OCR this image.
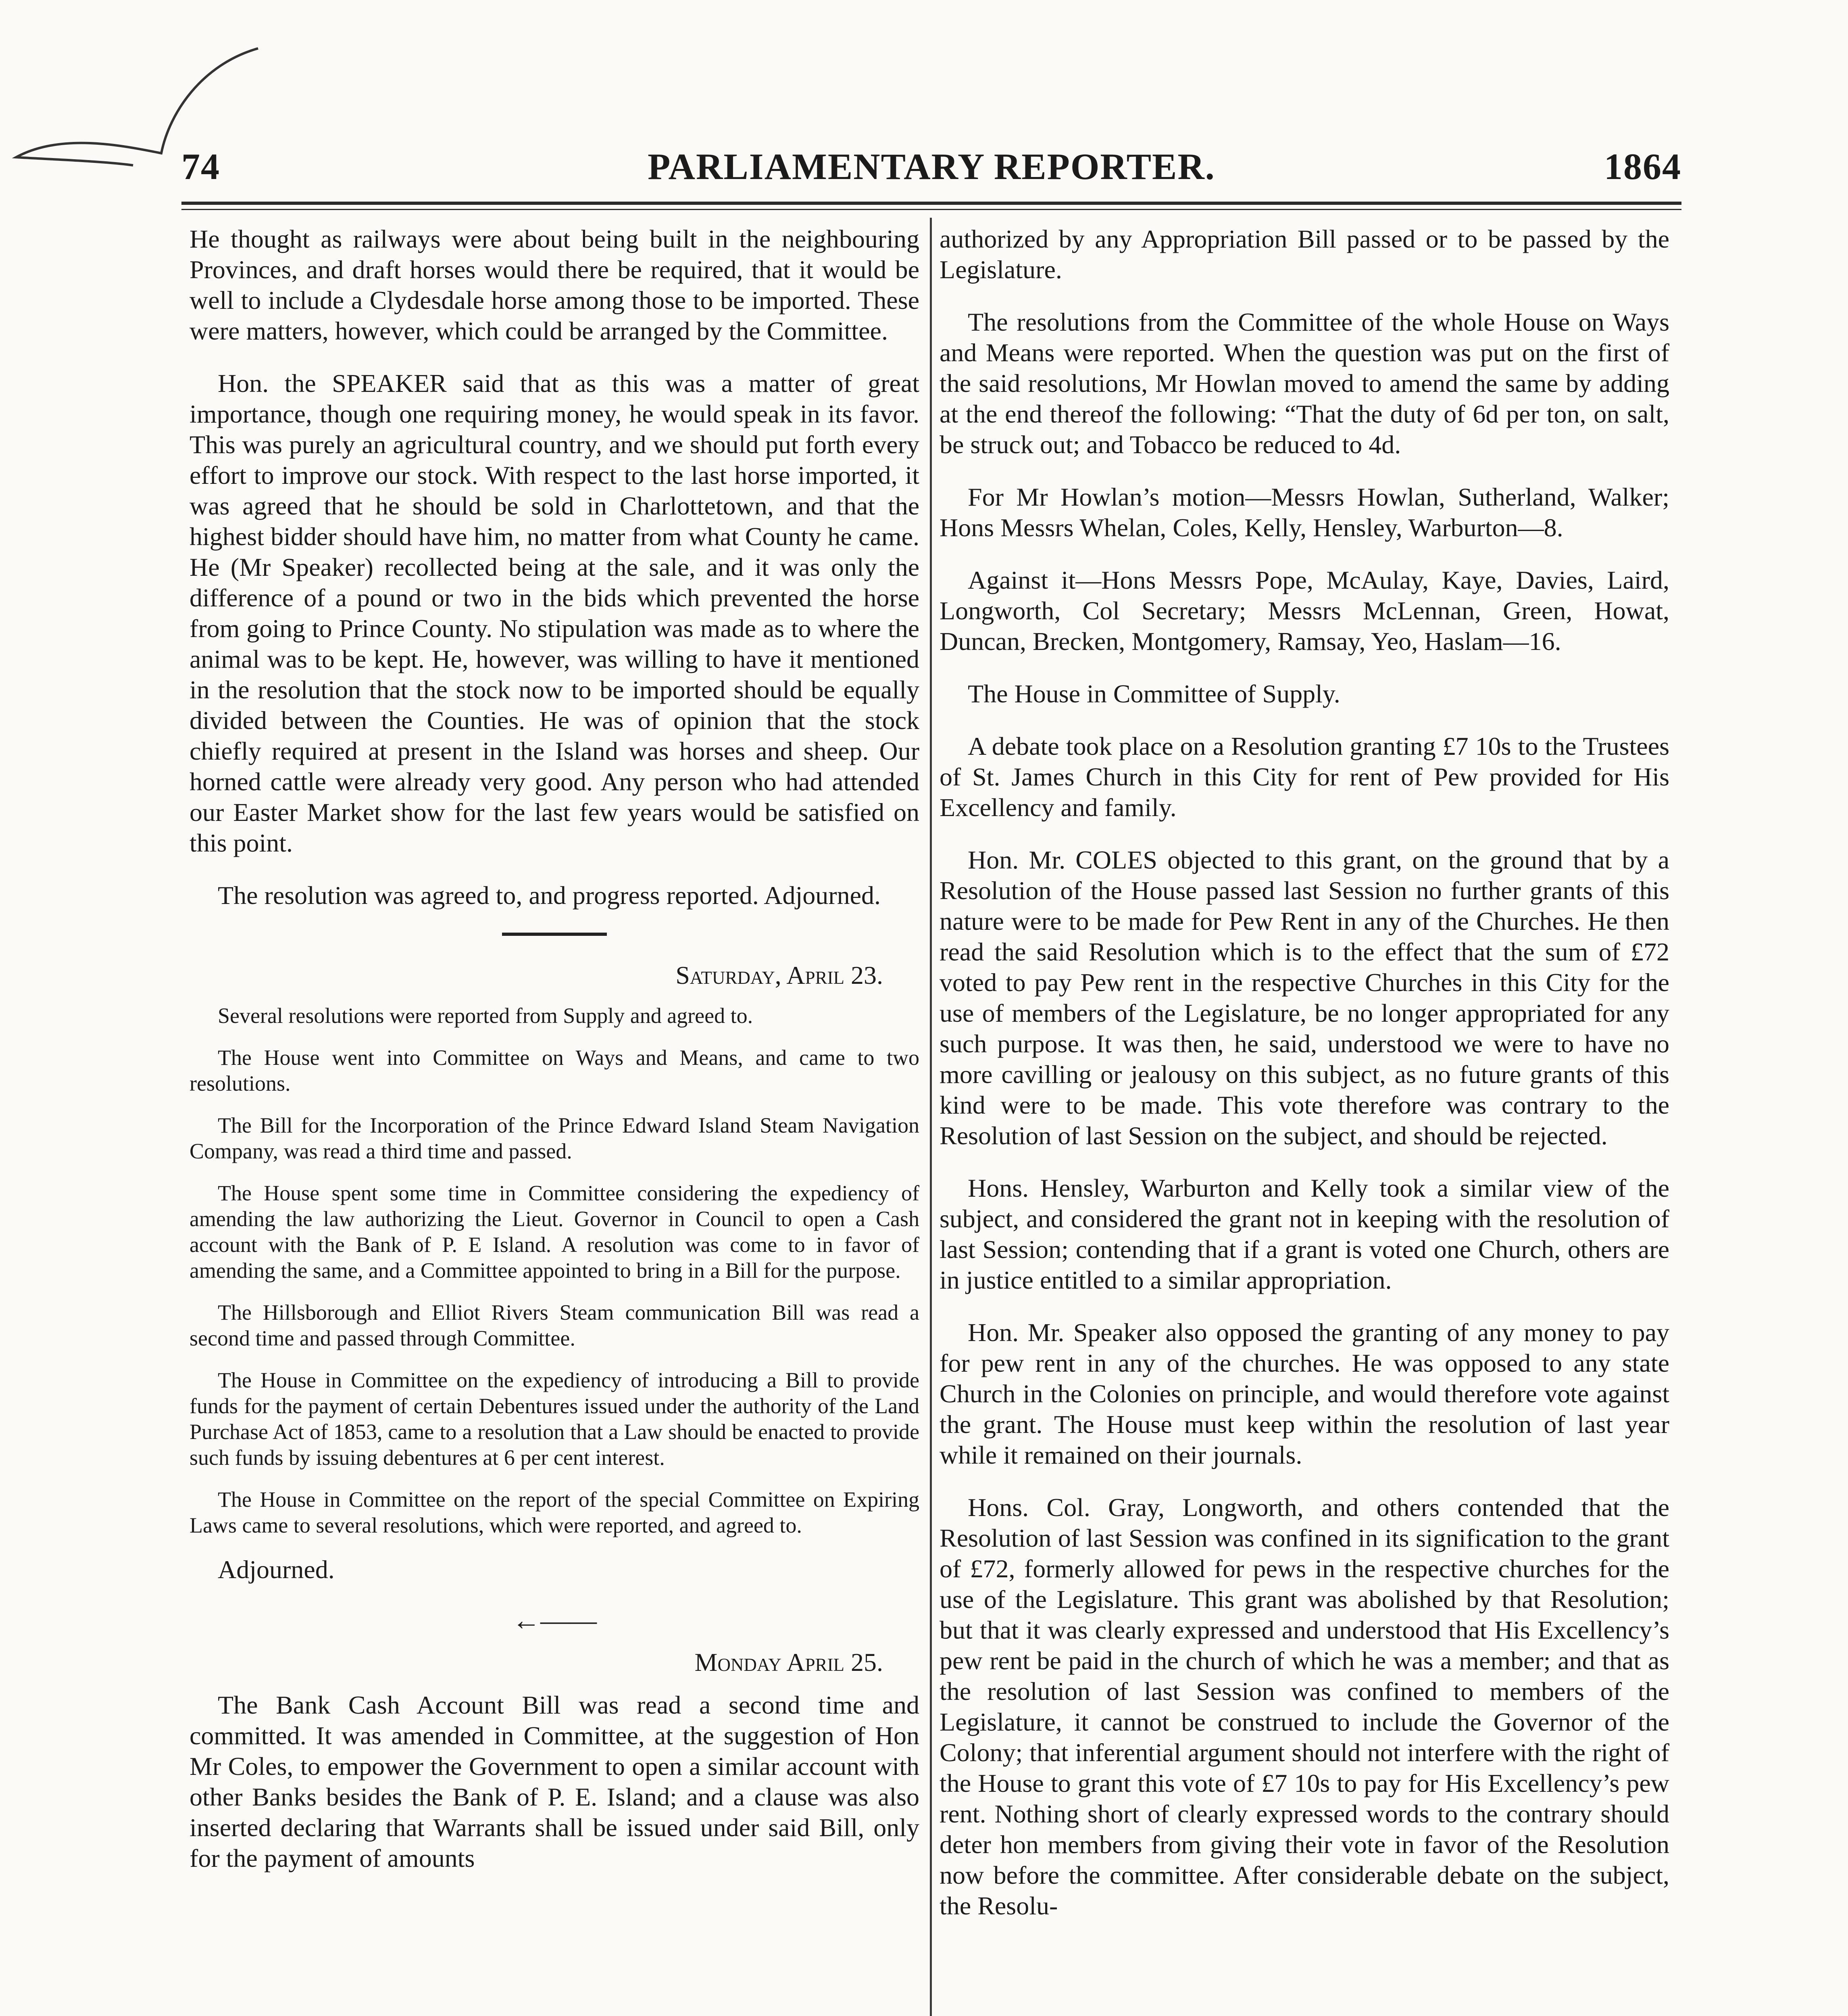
74	PARLIAMENTARY REPORTER.	1864

He thought as railways were about being built in the neighbouring Provinces, and draft horses would there be required, that it would be well to include a Clydesdale horse among those to be imported. These were matters, however, which could be arranged by the Committee.

Hon. the SPEAKER said that as this was a matter of great importance, though one requiring money, he would speak in its favor. This was purely an agricultural country, and we should put forth every effort to improve our stock. With respect to the last horse imported, it was agreed that he should be sold in Charlottetown, and that the highest bidder should have him, no matter from what County he came. He (Mr Speaker) recollected being at the sale, and it was only the difference of a pound or two in the bids which prevented the horse from going to Prince County. No stipulation was made as to where the animal was to be kept. He, however, was willing to have it mentioned in the resolution that the stock now to be imported should be equally divided between the Counties. He was of opinion that the stock chiefly required at present in the Island was horses and sheep. Our horned cattle were already very good. Any person who had attended our Easter Market show for the last few years would be satisfied on this point.

The resolution was agreed to, and progress reported. Adjourned.

Saturday, April 23.

Several resolutions were reported from Supply and agreed to.

The House went into Committee on Ways and Means, and came to two resolutions.

The Bill for the Incorporation of the Prince Edward Island Steam Navigation Company, was read a third time and passed.

The House spent some time in Committee considering the expediency of amending the law authorizing the Lieut. Governor in Council to open a Cash account with the Bank of P. E Island. A resolution was come to in favor of amending the same, and a Committee appointed to bring in a Bill for the purpose.

The Hillsborough and Elliot Rivers Steam communication Bill was read a second time and passed through Committee.

The House in Committee on the expediency of introducing a Bill to provide funds for the payment of certain Debentures issued under the authority of the Land Purchase Act of 1853, came to a resolution that a Law should be enacted to provide such funds by issuing debentures at 6 per cent interest.

The House in Committee on the report of the special Committee on Expiring Laws came to several resolutions, which were reported, and agreed to.

Adjourned.

←——

Monday April 25.

The Bank Cash Account Bill was read a second time and committed. It was amended in Committee, at the suggestion of Hon Mr Coles, to empower the Government to open a similar account with other Banks besides the Bank of P. E. Island; and a clause was also inserted declaring that Warrants shall be issued under said Bill, only for the payment of amounts

authorized by any Appropriation Bill passed or to be passed by the Legislature.

The resolutions from the Committee of the whole House on Ways and Means were reported. When the question was put on the first of the said resolutions, Mr Howlan moved to amend the same by adding at the end thereof the following: “That the duty of 6d per ton, on salt, be struck out; and Tobacco be reduced to 4d.

For Mr Howlan’s motion—Messrs Howlan, Sutherland, Walker; Hons Messrs Whelan, Coles, Kelly, Hensley, Warburton—8.

Against it—Hons Messrs Pope, McAulay, Kaye, Davies, Laird, Longworth, Col Secretary; Messrs McLennan, Green, Howat, Duncan, Brecken, Montgomery, Ramsay, Yeo, Haslam—16.

The House in Committee of Supply.

A debate took place on a Resolution granting £7 10s to the Trustees of St. James Church in this City for rent of Pew provided for His Excellency and family.

Hon. Mr. COLES objected to this grant, on the ground that by a Resolution of the House passed last Session no further grants of this nature were to be made for Pew Rent in any of the Churches. He then read the said Resolution which is to the effect that the sum of £72 voted to pay Pew rent in the respective Churches in this City for the use of members of the Legislature, be no longer appropriated for any such purpose. It was then, he said, understood we were to have no more cavilling or jealousy on this subject, as no future grants of this kind were to be made. This vote therefore was contrary to the Resolution of last Session on the subject, and should be rejected.

Hons. Hensley, Warburton and Kelly took a similar view of the subject, and considered the grant not in keeping with the resolution of last Session; contending that if a grant is voted one Church, others are in justice entitled to a similar appropriation.

Hon. Mr. Speaker also opposed the granting of any money to pay for pew rent in any of the churches. He was opposed to any state Church in the Colonies on principle, and would therefore vote against the grant. The House must keep within the resolution of last year while it remained on their journals.

Hons. Col. Gray, Longworth, and others contended that the Resolution of last Session was confined in its signification to the grant of £72, formerly allowed for pews in the respective churches for the use of the Legislature. This grant was abolished by that Resolution; but that it was clearly expressed and understood that His Excellency’s pew rent be paid in the church of which he was a member; and that as the resolution of last Session was confined to members of the Legislature, it cannot be construed to include the Governor of the Colony; that inferential argument should not interfere with the right of the House to grant this vote of £7 10s to pay for His Excellency’s pew rent. Nothing short of clearly expressed words to the contrary should deter hon members from giving their vote in favor of the Resolution now before the committee. After considerable debate on the subject, the Resolu-
